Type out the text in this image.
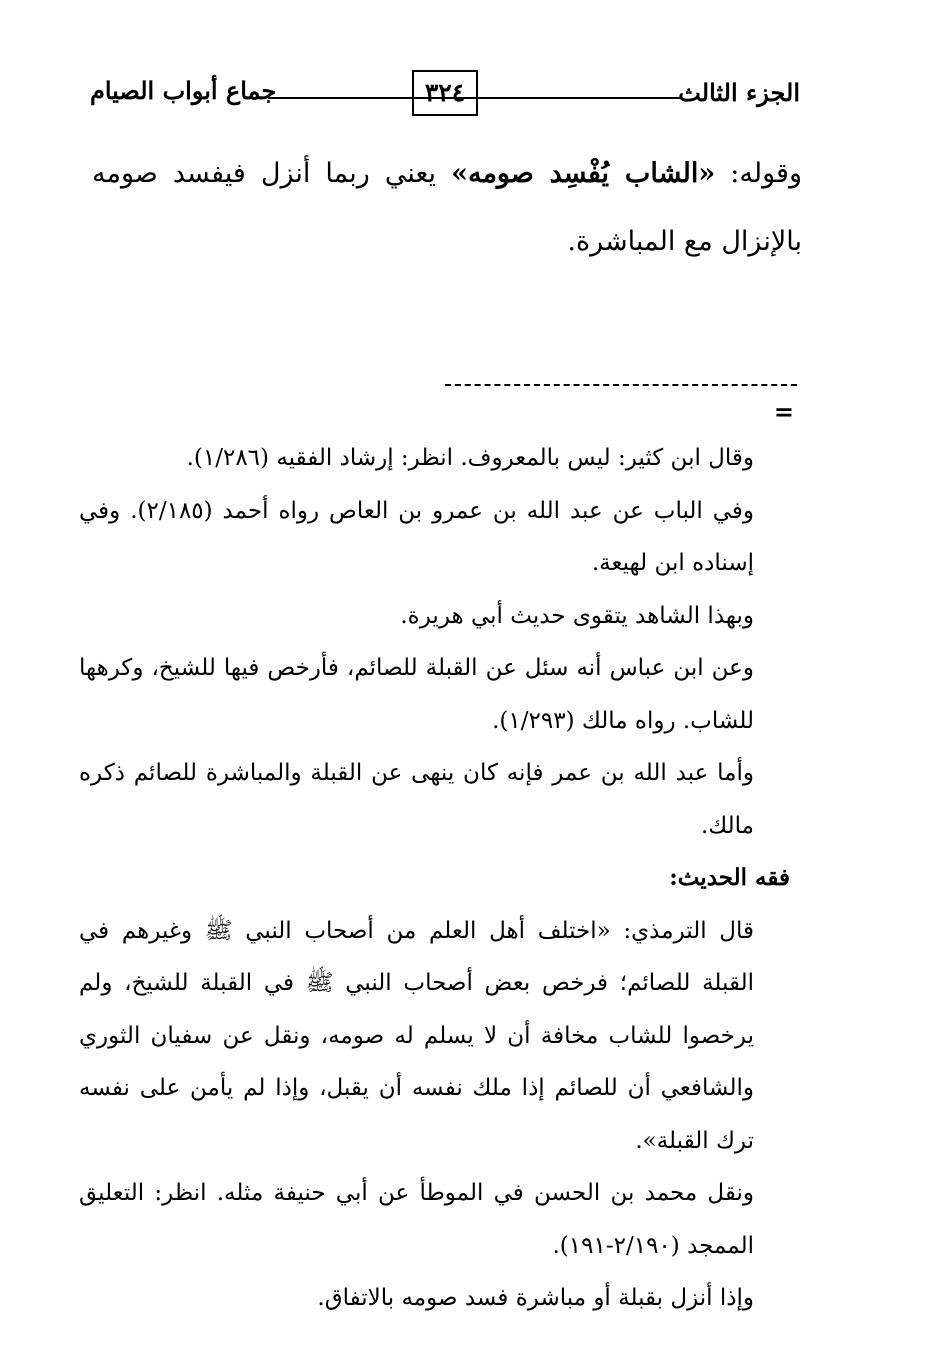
الجزء الثالث
٣٢٤
جماع أبواب الصيام
وقوله: «الشاب يُفْسِد صومه» يعني ربما أنزل فيفسد صومه بالإنزال مع المباشرة.
=

وقال ابن كثير: ليس بالمعروف. انظر: إرشاد الفقيه (١/٢٨٦).

وفي الباب عن عبد الله بن عمرو بن العاص رواه أحمد (٢/١٨٥). وفي إسناده ابن لهيعة.

وبهذا الشاهد يتقوى حديث أبي هريرة.

وعن ابن عباس أنه سئل عن القبلة للصائم، فأرخص فيها للشيخ، وكرهها للشاب. رواه مالك (١/٢٩٣).

وأما عبد الله بن عمر فإنه كان ينهى عن القبلة والمباشرة للصائم ذكره مالك.

فقه الحديث:

قال الترمذي: «اختلف أهل العلم من أصحاب النبي ﷺ وغيرهم في القبلة للصائم؛ فرخص بعض أصحاب النبي ﷺ في القبلة للشيخ، ولم يرخصوا للشاب مخافة أن لا يسلم له صومه، ونقل عن سفيان الثوري والشافعي أن للصائم إذا ملك نفسه أن يقبل، وإذا لم يأمن على نفسه ترك القبلة».

ونقل محمد بن الحسن في الموطأ عن أبي حنيفة مثله. انظر: التعليق الممجد (٢/١٩٠-١٩١).

وإذا أنزل بقبلة أو مباشرة فسد صومه بالاتفاق.
